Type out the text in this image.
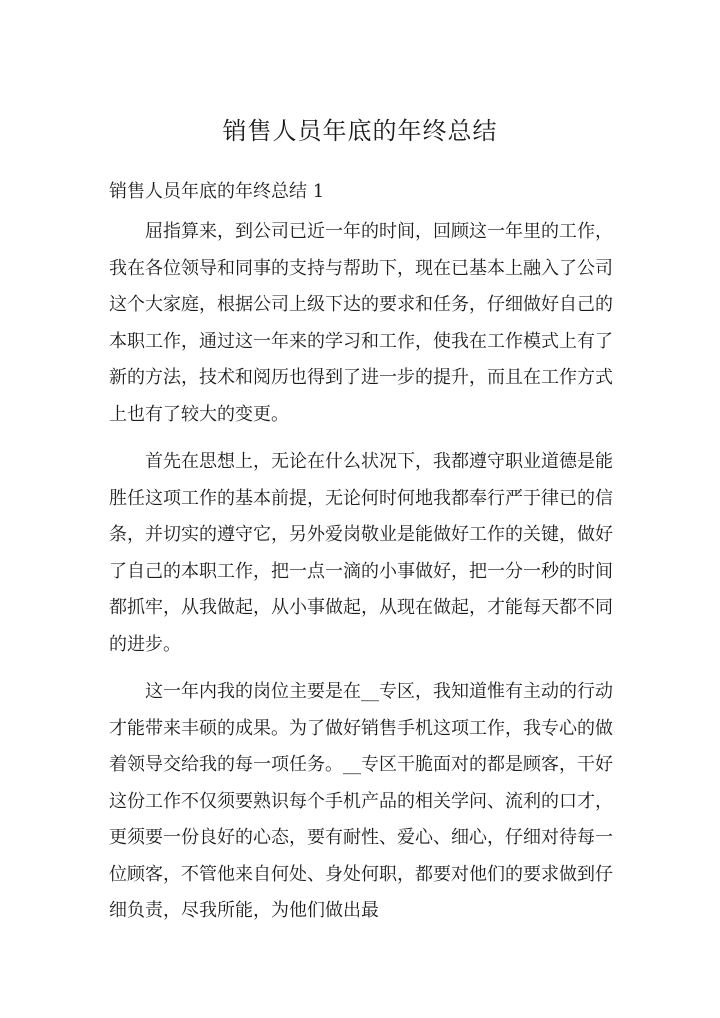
销售人员年底的年终总结

销售人员年底的年终总结 1

屈指算来，到公司已近一年的时间，回顾这一年里的工作，我在各位领导和同事的支持与帮助下，现在已基本上融入了公司这个大家庭，根据公司上级下达的要求和任务，仔细做好自己的本职工作，通过这一年来的学习和工作，使我在工作模式上有了新的方法，技术和阅历也得到了进一步的提升，而且在工作方式上也有了较大的变更。

首先在思想上，无论在什么状况下，我都遵守职业道德是能胜任这项工作的基本前提，无论何时何地我都奉行严于律已的信条，并切实的遵守它，另外爱岗敬业是能做好工作的关键，做好了自己的本职工作，把一点一滴的小事做好，把一分一秒的时间都抓牢，从我做起，从小事做起，从现在做起，才能每天都不同的进步。

这一年内我的岗位主要是在__专区，我知道惟有主动的行动才能带来丰硕的成果。为了做好销售手机这项工作，我专心的做着领导交给我的每一项任务。__专区干脆面对的都是顾客，干好这份工作不仅须要熟识每个手机产品的相关学问、流利的口才，更须要一份良好的心态，要有耐性、爱心、细心，仔细对待每一位顾客，不管他来自何处、身处何职，都要对他们的要求做到仔细负责，尽我所能，为他们做出最
